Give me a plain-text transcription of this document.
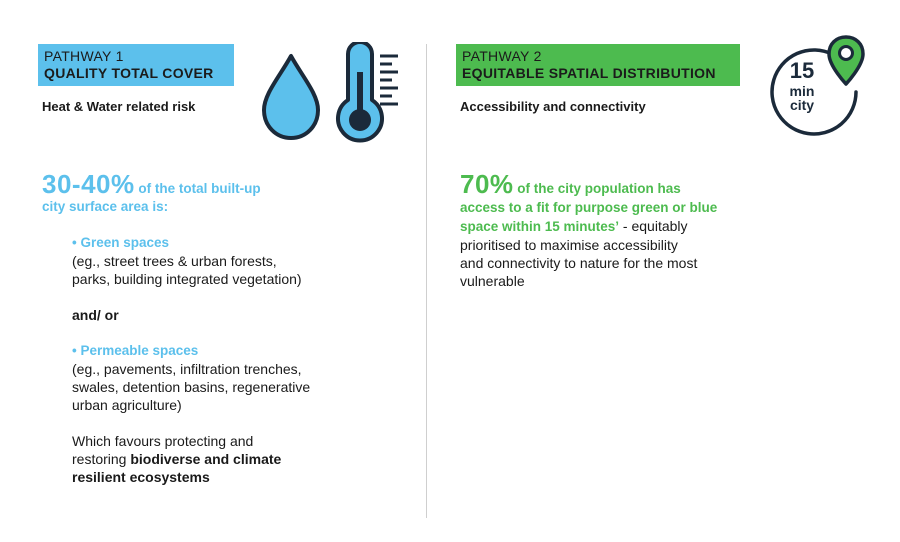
PATHWAY 1
QUALITY TOTAL COVER
Heat & Water related risk
30-40% of the total built-up
city surface area is:
• Green spaces
(eg., street trees & urban forests,
parks, building integrated vegetation)
and/ or
• Permeable spaces
(eg., pavements, infiltration trenches,
swales, detention basins, regenerative
urban agriculture)
Which favours protecting and
restoring biodiverse and climate
resilient ecosystems
PATHWAY 2
EQUITABLE SPATIAL DISTRIBUTION
Accessibility and connectivity
15
min
city
70% of the city population has
access to a fit for purpose green or blue
space within 15 minutes’ - equitably
prioritised to maximise accessibility
and connectivity to nature for the most
vulnerable
